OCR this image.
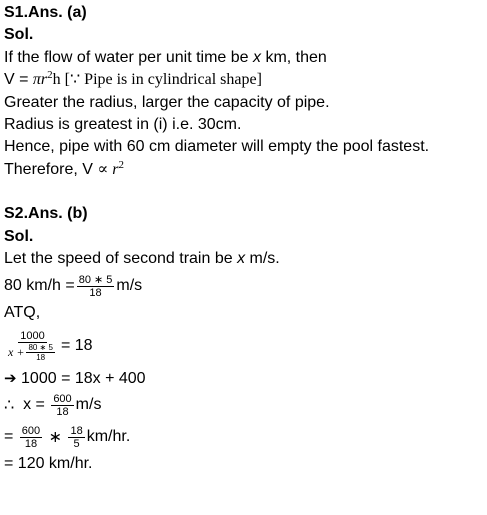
S1.Ans. (a)
Sol.
If the flow of water per unit time be x km, then
$V = \pi r^2h$ [∵ Pipe is in cylindrical shape]
Greater the radius, larger the capacity of pipe.
Radius is greatest in (i) i.e. 30cm.
Hence, pipe with 60 cm diameter will empty the pool fastest.
Therefore, $V \propto r^2$
S2.Ans. (b)
Sol.
Let the speed of second train be x m/s.
80 $km/h = \frac{80 ∗ 5}{18} m/s$
ATQ,
$\frac{1000}{x + \frac{80 ∗ 5}{18}} = 18$
➔ 1000 = 18x + 400
∴ $x = \frac{600}{18} m/s$
= $\frac{600}{18}$ ∗ $\frac{18}{5} km/hr$.
= 120 km/hr.
